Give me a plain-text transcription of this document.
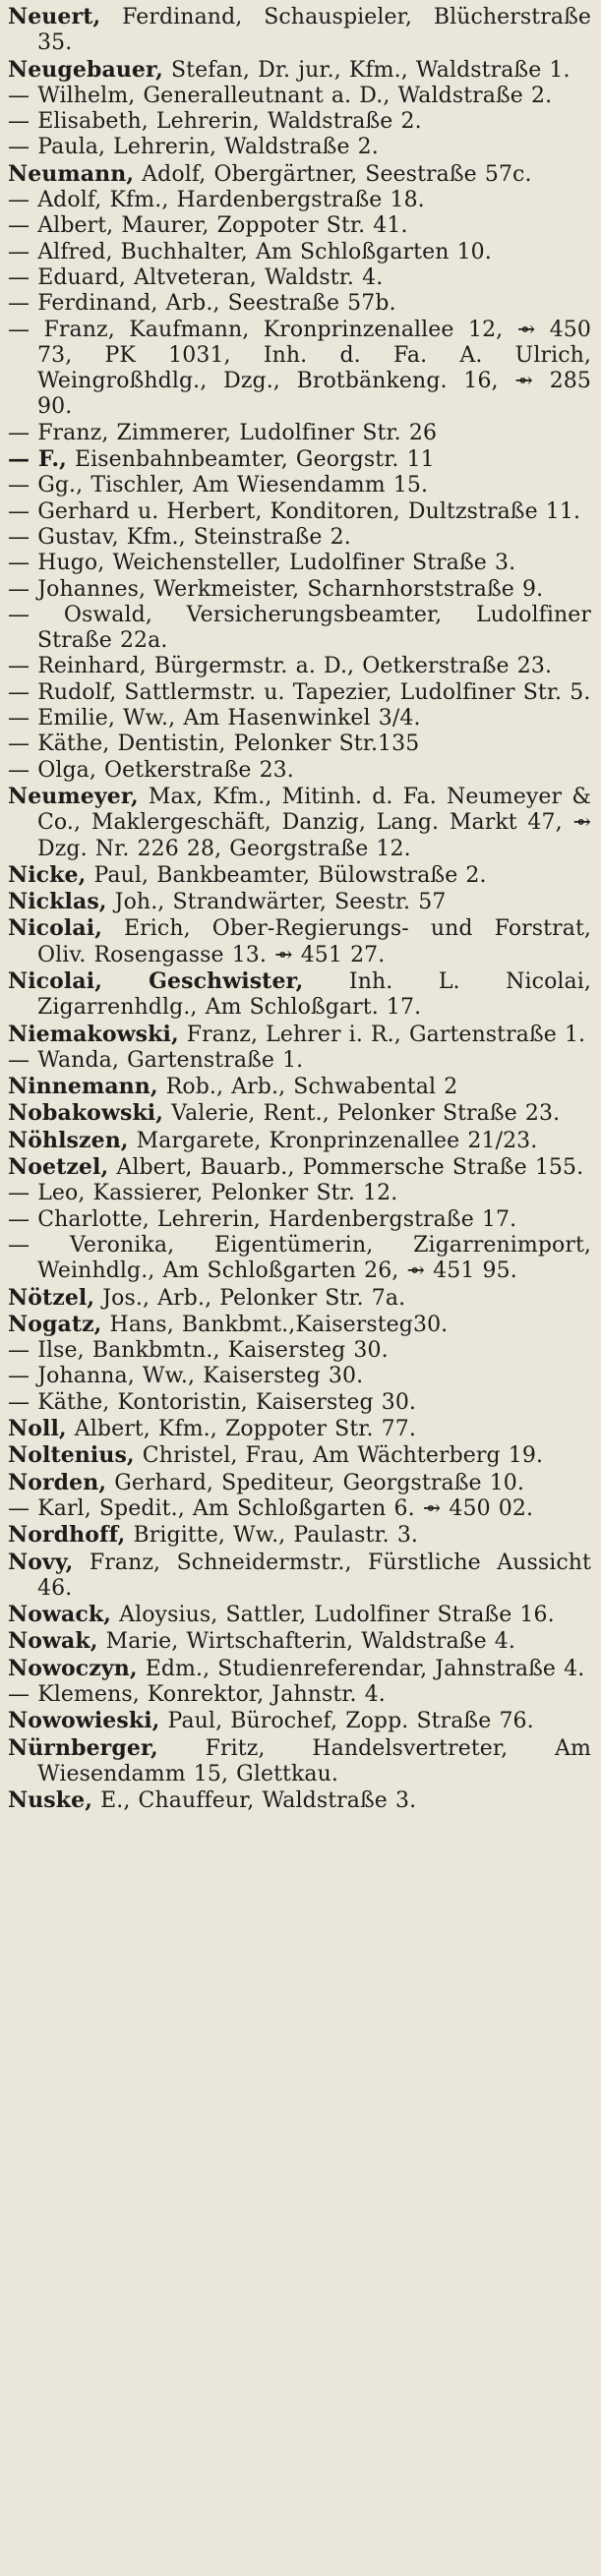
Neuert, Ferdinand, Schauspieler, Blücherstraße 35.
Neugebauer, Stefan, Dr. jur., Kfm., Waldstraße 1.
— Wilhelm, Generalleutnant a. D., Waldstraße 2.
— Elisabeth, Lehrerin, Waldstraße 2.
— Paula, Lehrerin, Waldstraße 2.
Neumann, Adolf, Obergärtner, Seestraße 57c.
— Adolf, Kfm., Hardenbergstraße 18.
— Albert, Maurer, Zoppoter Str. 41.
— Alfred, Buchhalter, Am Schloßgarten 10.
— Eduard, Altveteran, Waldstr. 4.
— Ferdinand, Arb., Seestraße 57b.
— Franz, Kaufmann, Kronprinzenallee 12, ⇴ 450 73, PK 1031, Inh. d. Fa. A. Ulrich, Weingroßhdlg., Dzg., Brotbänkeng. 16, ⇴ 285 90.
— Franz, Zimmerer, Ludolfiner Str. 26
— F., Eisenbahnbeamter, Georgstr. 11
— Gg., Tischler, Am Wiesendamm 15.
— Gerhard u. Herbert, Konditoren, Dultzstraße 11.
— Gustav, Kfm., Steinstraße 2.
— Hugo, Weichensteller, Ludolfiner Straße 3.
— Johannes, Werkmeister, Scharnhorststraße 9.
— Oswald, Versicherungsbeamter, Ludolfiner Straße 22a.
— Reinhard, Bürgermstr. a. D., Oetkerstraße 23.
— Rudolf, Sattlermstr. u. Tapezier, Ludolfiner Str. 5.
— Emilie, Ww., Am Hasenwinkel 3/4.
— Käthe, Dentistin, Pelonker Str.135
— Olga, Oetkerstraße 23.
Neumeyer, Max, Kfm., Mitinh. d. Fa. Neumeyer & Co., Maklergeschäft, Danzig, Lang. Markt 47, ⇴ Dzg. Nr. 226 28, Georgstraße 12.
Nicke, Paul, Bankbeamter, Bülowstraße 2.
Nicklas, Joh., Strandwärter, Seestr. 57
Nicolai, Erich, Ober-Regierungs- und Forstrat, Oliv. Rosengasse 13. ⇴ 451 27.
Nicolai, Geschwister, Inh. L. Nicolai, Zigarrenhdlg., Am Schloßgart. 17.
Niemakowski, Franz, Lehrer i. R., Gartenstraße 1.
— Wanda, Gartenstraße 1.
Ninnemann, Rob., Arb., Schwabental 2
Nobakowski, Valerie, Rent., Pelonker Straße 23.
Nöhlszen, Margarete, Kronprinzenallee 21/23.
Noetzel, Albert, Bauarb., Pommersche Straße 155.
— Leo, Kassierer, Pelonker Str. 12.
— Charlotte, Lehrerin, Hardenbergstraße 17.
— Veronika, Eigentümerin, Zigarrenimport, Weinhdlg., Am Schloßgarten 26, ⇴ 451 95.
Nötzel, Jos., Arb., Pelonker Str. 7a.
Nogatz, Hans, Bankbmt.,Kaisersteg30.
— Ilse, Bankbmtn., Kaisersteg 30.
— Johanna, Ww., Kaisersteg 30.
— Käthe, Kontoristin, Kaisersteg 30.
Noll, Albert, Kfm., Zoppoter Str. 77.
Noltenius, Christel, Frau, Am Wächterberg 19.
Norden, Gerhard, Spediteur, Georgstraße 10.
— Karl, Spedit., Am Schloßgarten 6. ⇴ 450 02.
Nordhoff, Brigitte, Ww., Paulastr. 3.
Novy, Franz, Schneidermstr., Fürstliche Aussicht 46.
Nowack, Aloysius, Sattler, Ludolfiner Straße 16.
Nowak, Marie, Wirtschafterin, Waldstraße 4.
Nowoczyn, Edm., Studienreferendar, Jahnstraße 4.
— Klemens, Konrektor, Jahnstr. 4.
Nowowieski, Paul, Bürochef, Zopp. Straße 76.
Nürnberger, Fritz, Handelsvertreter, Am Wiesendamm 15, Glettkau.
Nuske, E., Chauffeur, Waldstraße 3.
